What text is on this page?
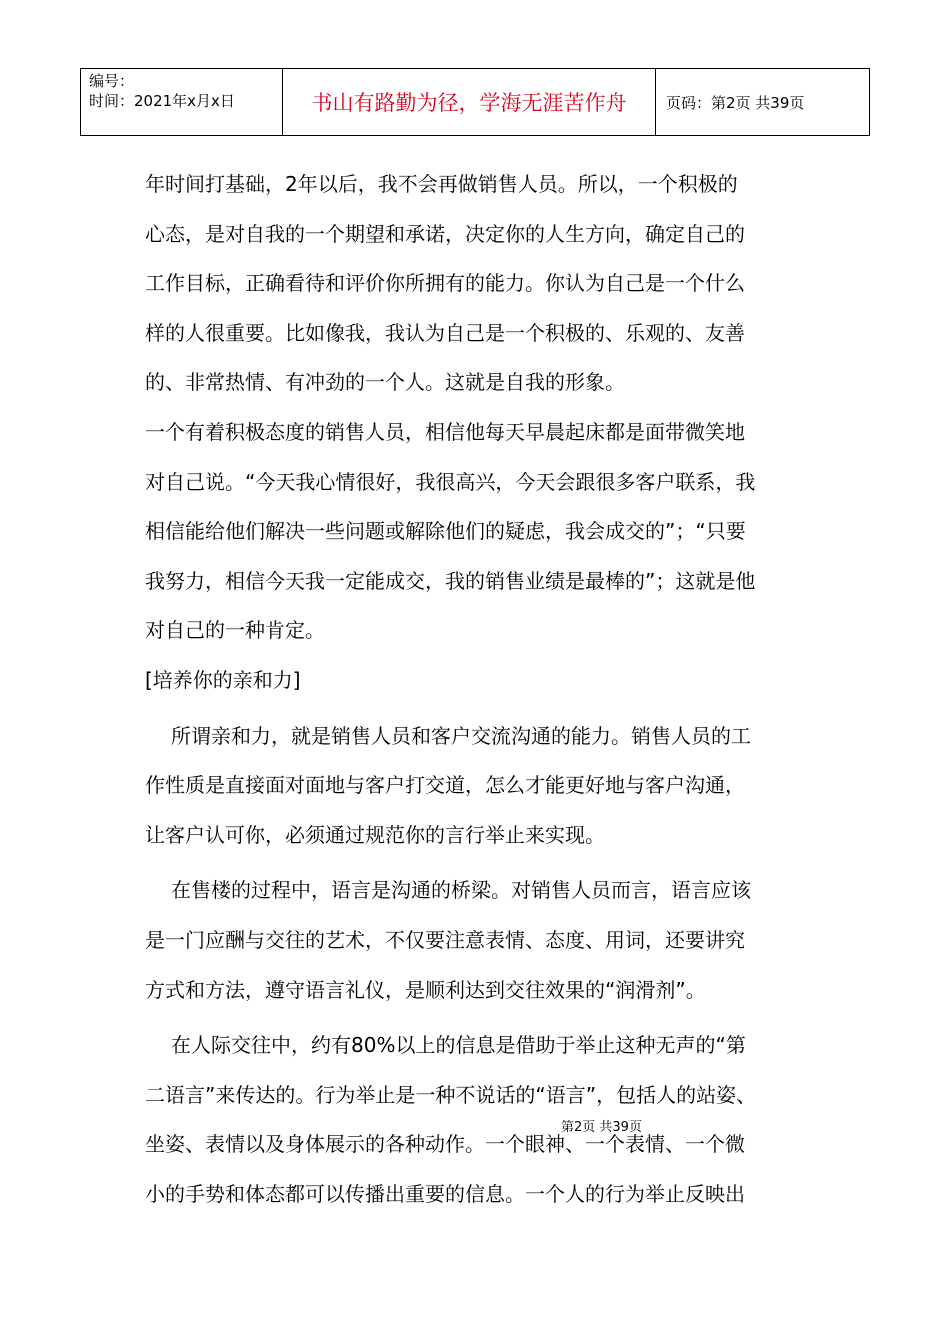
编号：
时间：2021年x月x日	书山有路勤为径，学海无涯苦作舟	页码：第2页 共39页
年时间打基础，2年以后，我不会再做销售人员。所以，一个积极的
心态，是对自我的一个期望和承诺，决定你的人生方向，确定自己的
工作目标，正确看待和评价你所拥有的能力。你认为自己是一个什么
样的人很重要。比如像我，我认为自己是一个积极的、乐观的、友善
的、非常热情、有冲劲的一个人。这就是自我的形象。
一个有着积极态度的销售人员，相信他每天早晨起床都是面带微笑地
对自己说。“今天我心情很好，我很高兴，今天会跟很多客户联系，我
相信能给他们解决一些问题或解除他们的疑虑，我会成交的”；“只要
我努力，相信今天我一定能成交，我的销售业绩是最棒的”；这就是他
对自己的一种肯定。
[培养你的亲和力]
所谓亲和力，就是销售人员和客户交流沟通的能力。销售人员的工
作性质是直接面对面地与客户打交道，怎么才能更好地与客户沟通，
让客户认可你，必须通过规范你的言行举止来实现。
在售楼的过程中，语言是沟通的桥梁。对销售人员而言，语言应该
是一门应酬与交往的艺术，不仅要注意表情、态度、用词，还要讲究
方式和方法，遵守语言礼仪，是顺利达到交往效果的“润滑剂”。
在人际交往中，约有80%以上的信息是借助于举止这种无声的“第
二语言”来传达的。行为举止是一种不说话的“语言”，包括人的站姿、
坐姿、表情以及身体展示的各种动作。一个眼神、一个表情、一个微
小的手势和体态都可以传播出重要的信息。一个人的行为举止反映出
第2页 共39页
